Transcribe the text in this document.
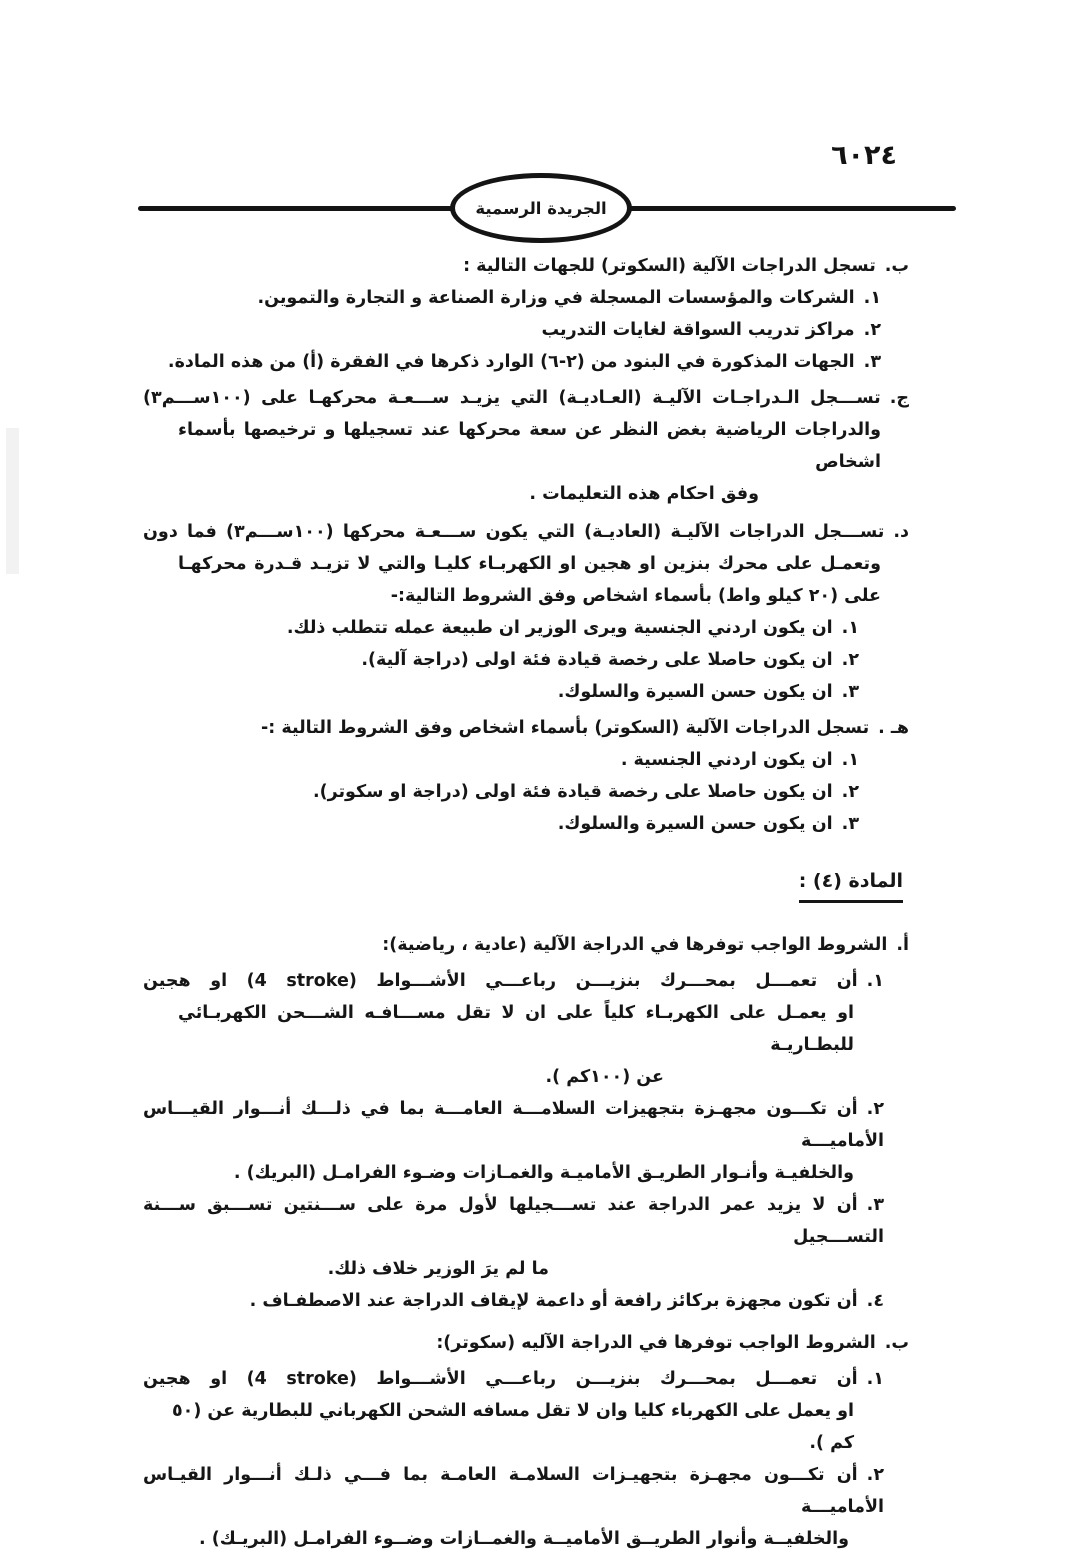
٦٠٢٤
الجريدة الرسمية
ب.تسجل الدراجات الآلية (السكوتر) للجهات التالية :
١.الشركات والمؤسسات المسجلة في وزارة الصناعة و التجارة والتموين.
٢.مراكز تدريب السواقة لغايات التدريب
٣.الجهات المذكورة في البنود من (٢-٦) الوارد ذكرها في الفقرة (أ) من هذه المادة.
ج.تســـجل الـدراجـات الآليـة (العـاديـة) التي يزيـد ســـعـة محركهـا على (١٠٠ســـم٣)
والدراجات الرياضية بغض النظر عن سعة محركها عند تسجيلها و ترخيصها بأسماء اشخاص
وفق احكام هذه التعليمات .
د.تســـجل الدراجات الآليـة (العاديـة) التي يكون ســـعـة محركها (١٠٠ســـم٣) فما دون
وتعمـل على محرك بنزين او هجين او الكهربـاء كليـا والتي لا تزيـد قـدرة محركهـا
على (٢٠ كيلو واط) بأسماء اشخاص وفق الشروط التالية:-
١.ان يكون اردني الجنسية ويرى الوزير ان طبيعة عمله تتطلب ذلك.
٢.ان يكون حاصلا على رخصة قيادة فئة اولى (دراجة آلية).
٣.ان يكون حسن السيرة والسلوك.
هـ .تسجل الدراجات الآلية (السكوتر) بأسماء اشخاص وفق الشروط التالية :-
١.ان يكون اردني الجنسية .
٢.ان يكون حاصلا على رخصة قيادة فئة اولى (دراجة او سكوتر).
٣.ان يكون حسن السيرة والسلوك.
المادة (٤) :
أ.الشروط الواجب توفرها في الدراجة الآلية (عادية ، رياضية):
١.أن تعمـــل بمحـــرك بنزيـــن رباعـــي الأشـــواط (⁦4 stroke⁩) او هجين
او يعمـل على الكهربـاء كلياً على ان لا تقل مســـافـه الشـــحن الكهربـائي للبطـاريـة
عن (١٠٠كم ).
٢.أن تكـــون مجهـزة بتجهيزات السلامـــة العامـــة بما في ذلـــك أنـــوار القيـــاس الأماميـــة
والخلفيـة وأنـوار الطريـق الأماميـة والغمـازات وضـوء الفرامـل (البريك) .
٣.أن لا يزيد عمر الدراجة عند تســـجيلها لأول مرة على ســـنتين تســـبق ســـنة التســـجيل
ما لم يرَ الوزير خلاف ذلك.
٤.أن تكون مجهزة بركائز رافعة أو داعمة لإيقاف الدراجة عند الاصطفـاف .
ب.الشروط الواجب توفرها في الدراجة الآليه (سكوتر):
١.أن تعمـــل بمحـــرك بنزيـــن رباعـــي الأشـــواط (⁦4 stroke⁩) او هجين
او يعمل على الكهرباء كليا وان لا تقل مسافه الشحن الكهرباني للبطارية عن (٥٠ كم ).
٢.أن تكـــون مجهـزة بتجهيـزات السلامـة العامـة بما فـــي ذلـك أنـــوار القيـاس الأماميـــة
والخلفيــة وأنوار الطريــق الأماميــة والغمــازات وضــوء الفرامـل (البريـك) .
